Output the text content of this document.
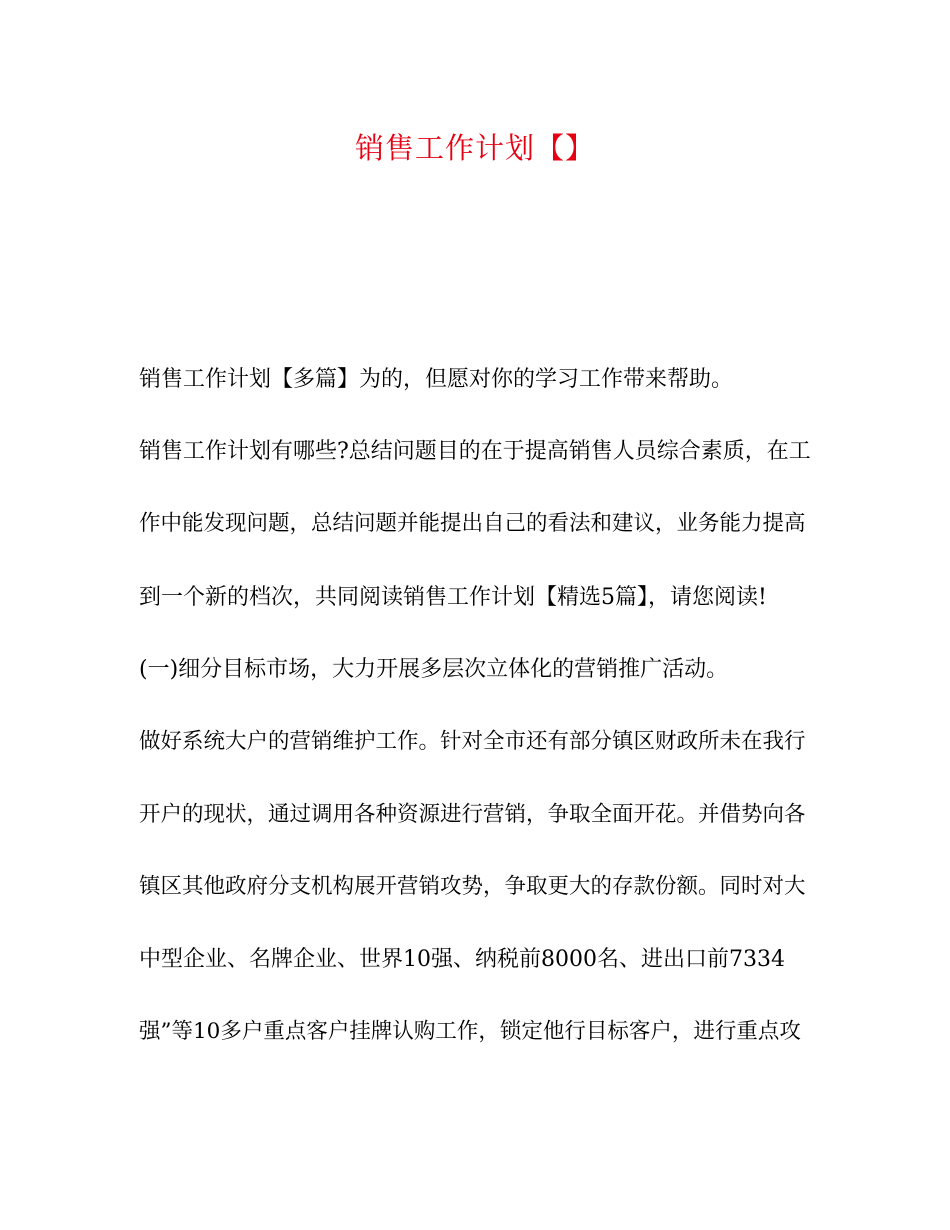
销售工作计划【】
销售工作计划【多篇】为的，但愿对你的学习工作带来帮助。
销售工作计划有哪些?总结问题目的在于提高销售人员综合素质，在工
作中能发现问题，总结问题并能提出自己的看法和建议，业务能力提高
到一个新的档次，共同阅读销售工作计划【精选5篇】，请您阅读!
(一)细分目标市场，大力开展多层次立体化的营销推广活动。
做好系统大户的营销维护工作。针对全市还有部分镇区财政所未在我行
开户的现状，通过调用各种资源进行营销，争取全面开花。并借势向各
镇区其他政府分支机构展开营销攻势，争取更大的存款份额。同时对大
中型企业、名牌企业、世界10强、纳税前8000名、进出口前7334
强”等10多户重点客户挂牌认购工作，锁定他行目标客户，进行重点攻
